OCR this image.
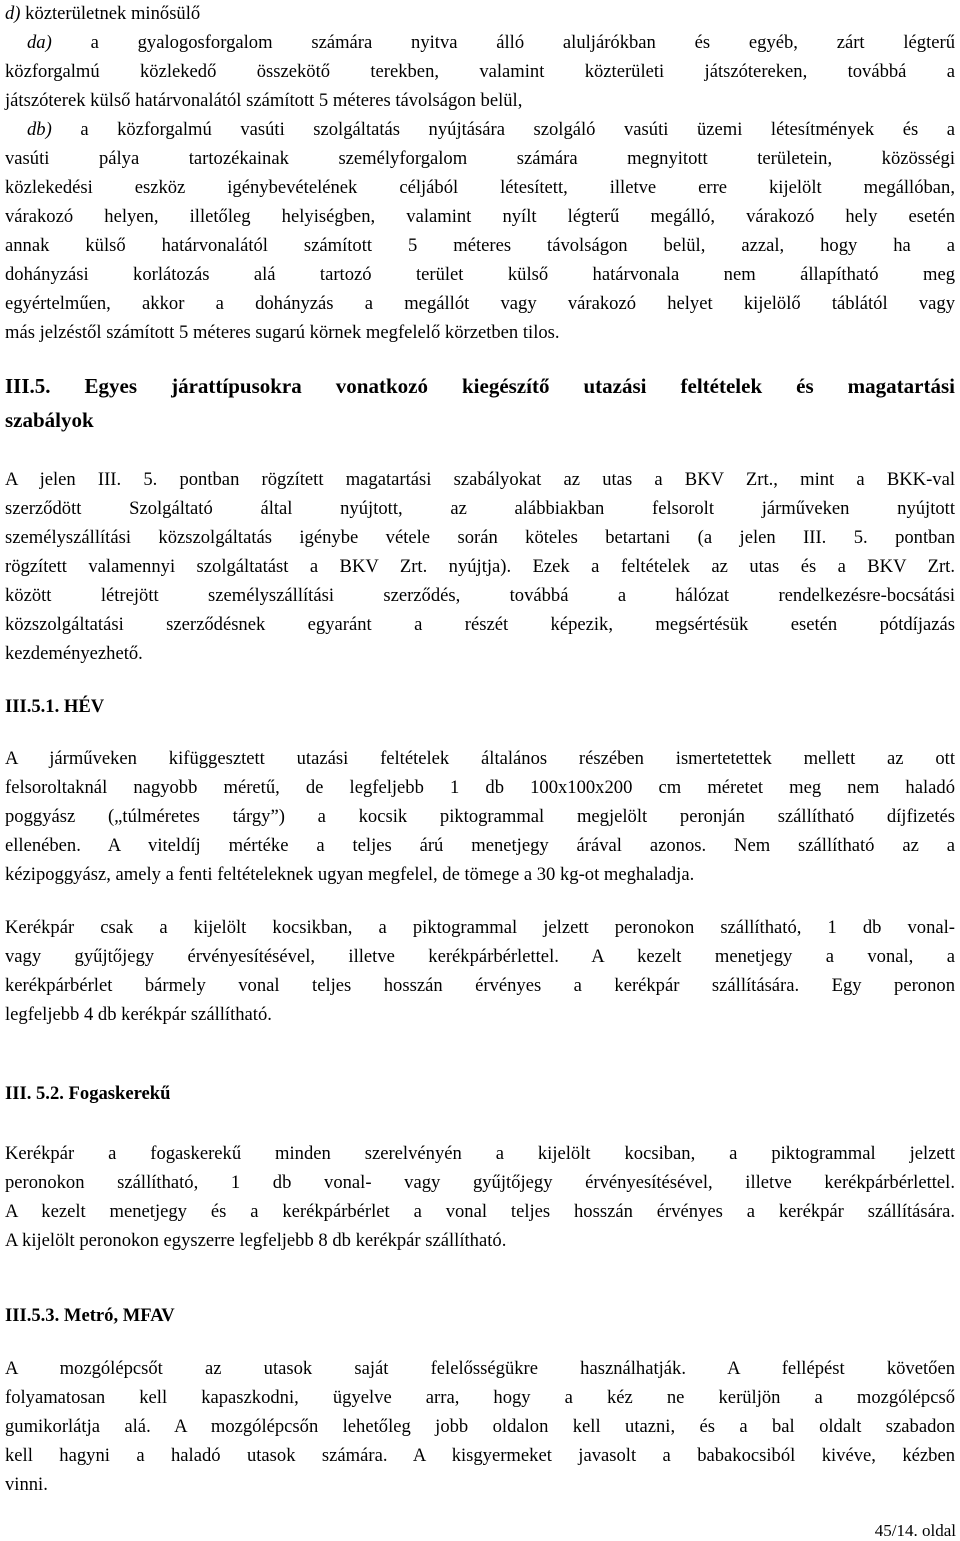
d) közterületnek minősülő
da) a gyalogosforgalom számára nyitva álló aluljárókban és egyéb, zárt légterű
közforgalmú közlekedő összekötő terekben, valamint közterületi játszótereken, továbbá a
játszóterek külső határvonalától számított 5 méteres távolságon belül,
db) a közforgalmú vasúti szolgáltatás nyújtására szolgáló vasúti üzemi létesítmények és a
vasúti pálya tartozékainak személyforgalom számára megnyitott területein, közösségi
közlekedési eszköz igénybevételének céljából létesített, illetve erre kijelölt megállóban,
várakozó helyen, illetőleg helyiségben, valamint nyílt légterű megálló, várakozó hely esetén
annak külső határvonalától számított 5 méteres távolságon belül, azzal, hogy ha a
dohányzási korlátozás alá tartozó terület külső határvonala nem állapítható meg
egyértelműen, akkor a dohányzás a megállót vagy várakozó helyet kijelölő táblától vagy
más jelzéstől számított 5 méteres sugarú körnek megfelelő körzetben tilos.
III.5. Egyes járattípusokra vonatkozó kiegészítő utazási feltételek és magatartási
szabályok
A jelen III. 5. pontban rögzített magatartási szabályokat az utas a BKV Zrt., mint a BKK-val
szerződött Szolgáltató által nyújtott, az alábbiakban felsorolt járműveken nyújtott
személyszállítási közszolgáltatás igénybe vétele során köteles betartani (a jelen III. 5. pontban
rögzített valamennyi szolgáltatást a BKV Zrt. nyújtja). Ezek a feltételek az utas és a BKV Zrt.
között létrejött személyszállítási szerződés, továbbá a hálózat rendelkezésre-bocsátási
közszolgáltatási szerződésnek egyaránt a részét képezik, megsértésük esetén pótdíjazás
kezdeményezhető.
III.5.1. HÉV
A járműveken kifüggesztett utazási feltételek általános részében ismertetettek mellett az ott
felsoroltaknál nagyobb méretű, de legfeljebb 1 db 100x100x200 cm méretet meg nem haladó
poggyász („túlméretes tárgy”) a kocsik piktogrammal megjelölt peronján szállítható díjfizetés
ellenében. A viteldíj mértéke a teljes árú menetjegy árával azonos. Nem szállítható az a
kézipoggyász, amely a fenti feltételeknek ugyan megfelel, de tömege a 30 kg-ot meghaladja.
Kerékpár csak a kijelölt kocsikban, a piktogrammal jelzett peronokon szállítható, 1 db vonal-
vagy gyűjtőjegy érvényesítésével, illetve kerékpárbérlettel. A kezelt menetjegy a vonal, a
kerékpárbérlet bármely vonal teljes hosszán érvényes a kerékpár szállítására. Egy peronon
legfeljebb 4 db kerékpár szállítható.
III. 5.2. Fogaskerekű
Kerékpár a fogaskerekű minden szerelvényén a kijelölt kocsiban, a piktogrammal jelzett
peronokon szállítható, 1 db vonal- vagy gyűjtőjegy érvényesítésével, illetve kerékpárbérlettel.
A kezelt menetjegy és a kerékpárbérlet a vonal teljes hosszán érvényes a kerékpár szállítására.
A kijelölt peronokon egyszerre legfeljebb 8 db kerékpár szállítható.
III.5.3. Metró, MFAV
A mozgólépcsőt az utasok saját felelősségükre használhatják. A fellépést követően
folyamatosan kell kapaszkodni, ügyelve arra, hogy a kéz ne kerüljön a mozgólépcső
gumikorlátja alá. A mozgólépcsőn lehetőleg jobb oldalon kell utazni, és a bal oldalt szabadon
kell hagyni a haladó utasok számára. A kisgyermeket javasolt a babakocsiból kivéve, kézben
vinni.
45/14. oldal
